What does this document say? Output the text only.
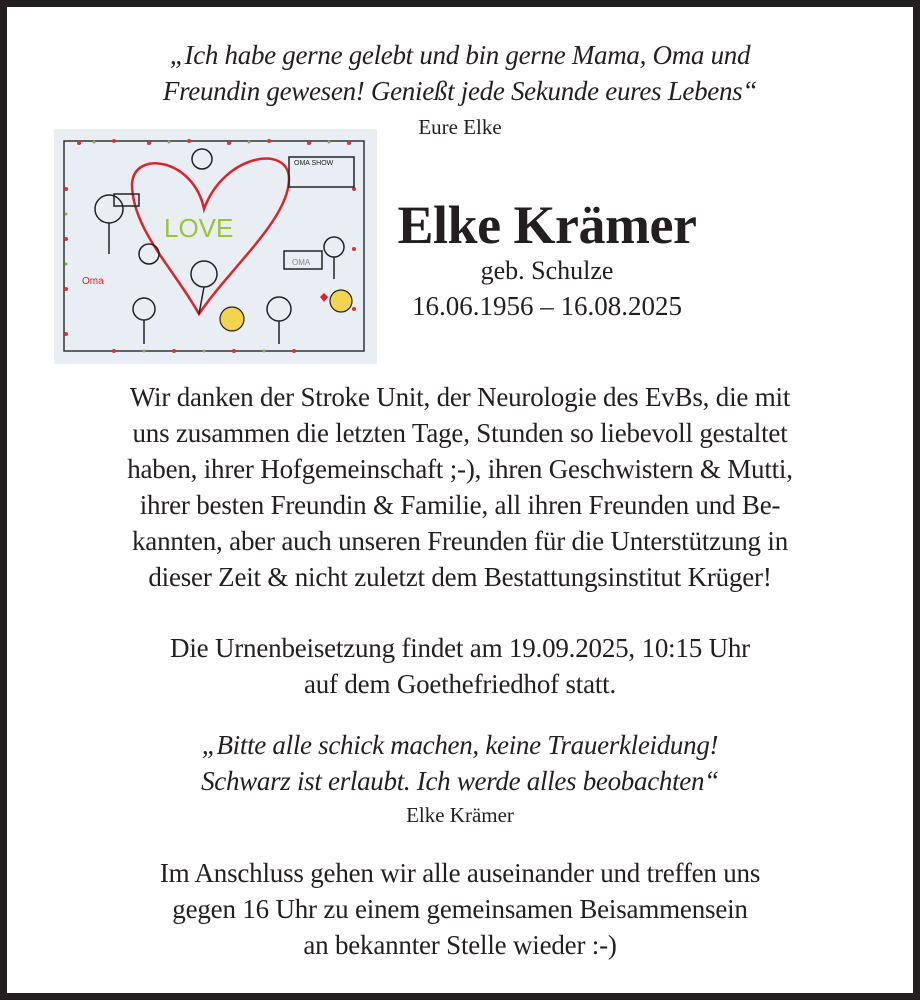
„Ich habe gerne gelebt und bin gerne Mama, Oma und
Freundin gewesen! Genießt jede Sekunde eures Lebens“
Eure Elke
LOVE
Oma
OMA
OMA SHOW
Elke Krämer
geb. Schulze
16.06.1956 – 16.08.2025
Wir danken der Stroke Unit, der Neurologie des EvBs, die mit
uns zusammen die letzten Tage, Stunden so liebevoll gestaltet
haben, ihrer Hofgemeinschaft ;-), ihren Geschwistern & Mutti,
ihrer besten Freundin & Familie, all ihren Freunden und Be-
kannten, aber auch unseren Freunden für die Unterstützung in
dieser Zeit & nicht zuletzt dem Bestattungsinstitut Krüger!
Die Urnenbeisetzung findet am 19.09.2025, 10:15 Uhr
auf dem Goethefriedhof statt.
„Bitte alle schick machen, keine Trauerkleidung!
Schwarz ist erlaubt. Ich werde alles beobachten“
Elke Krämer
Im Anschluss gehen wir alle auseinander und treffen uns
gegen 16 Uhr zu einem gemeinsamen Beisammensein
an bekannter Stelle wieder :-)
